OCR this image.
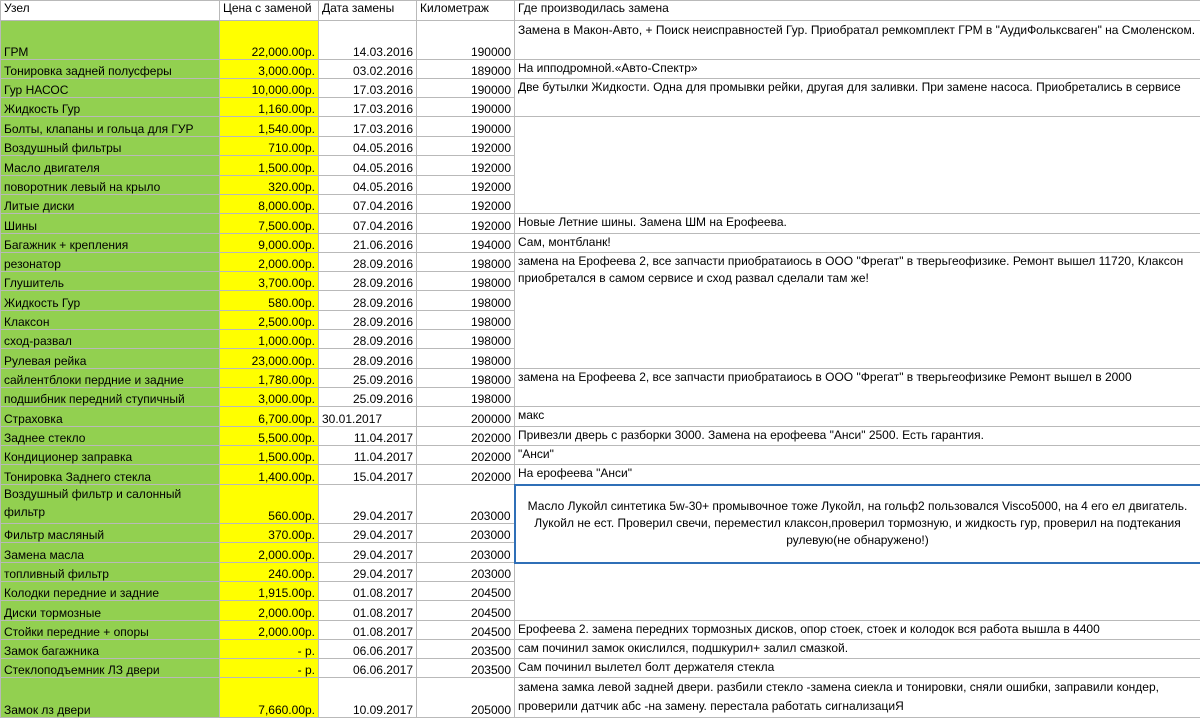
Узел	Цена с заменой	Дата замены	Километраж	Где производилась замена
ГРМ	22,000.00р.	14.03.2016	190000	Замена в Макон-Авто, + Поиск неисправностей Гур. Приобратал ремкомплект ГРМ в "АудиФольксваген" на Смоленском.
Тонировка задней полусферы	3,000.00р.	03.02.2016	189000	На ипподромной.«Авто-Спектр»
Гур НАСОС	10,000.00р.	17.03.2016	190000	Две бутылки Жидкости. Одна для промывки рейки, другая для заливки. При замене насоса. Приобретались в сервисе
Жидкость Гур	1,160.00р.	17.03.2016	190000	
Болты, клапаны и гольца для ГУР	1,540.00р.	17.03.2016	190000	
Воздушный фильтры	710.00р.	04.05.2016	192000	
Масло двигателя	1,500.00р.	04.05.2016	192000	
поворотник левый на крыло	320.00р.	04.05.2016	192000	
Литые диски	8,000.00р.	07.04.2016	192000	
Шины	7,500.00р.	07.04.2016	192000	Новые Летние шины. Замена ШМ на Ерофеева.
Багажник + крепления	9,000.00р.	21.06.2016	194000	Сам, монтбланк!
резонатор	2,000.00р.	28.09.2016	198000	замена на Ерофеева 2, все запчасти приобратаиось в ООО "Фрегат" в тверьгеофизике. Ремонт вышел 11720, Клаксон приобретался в самом сервисе и сход развал сделали там же!
Глушитель	3,700.00р.	28.09.2016	198000	
Жидкость Гур	580.00р.	28.09.2016	198000	
Клаксон	2,500.00р.	28.09.2016	198000	
сход-развал	1,000.00р.	28.09.2016	198000	
Рулевая рейка	23,000.00р.	28.09.2016	198000	
сайлентблоки пердние и задние	1,780.00р.	25.09.2016	198000	замена на Ерофеева 2, все запчасти приобратаиось в ООО "Фрегат" в тверьгеофизике Ремонт вышел в 2000
подшибник передний ступичный	3,000.00р.	25.09.2016	198000	
Страховка	6,700.00р.	30.01.2017	200000	макс
Заднее стекло	5,500.00р.	11.04.2017	202000	Привезли дверь с разборки 3000. Замена на ерофеева "Анси" 2500. Есть гарантия.
Кондиционер заправка	1,500.00р.	11.04.2017	202000	"Анси"
Тонировка Заднего стекла	1,400.00р.	15.04.2017	202000	На ерофеева "Анси"

Воздушный фильтр и салонный
фильтр	560.00р.	29.04.2017	203000	Масло Лукойл синтетика 5w-30+ промывочное тоже Лукойл, на гольф2 пользовался Visco5000, на 4 его ел двигатель. Лукойл не ест. Проверил свечи, переместил клаксон,проверил тормозную, и жидкость гур, проверил на подтекания рулевую(не обнаружено!)
Фильтр масляный	370.00р.	29.04.2017	203000	
Замена масла	2,000.00р.	29.04.2017	203000	
топливный фильтр	240.00р.	29.04.2017	203000	
Колодки передние и задние	1,915.00р.	01.08.2017	204500	
Диски тормозные	2,000.00р.	01.08.2017	204500	
Стойки передние + опоры	2,000.00р.	01.08.2017	204500	Ерофеева 2. замена передних тормозных дисков, опор стоек, стоек и колодок вся работа вышла в 4400
Замок багажника	- р.	06.06.2017	203500	сам починил замок окислился, подшкурил+ залил смазкой.
Стеклоподъемник ЛЗ двери	- р.	06.06.2017	203500	Сам починил вылетел болт держателя стекла
Замок лз двери	7,660.00р.	10.09.2017	205000	замена замка левой задней двери. разбили стекло -замена сиекла и тонировки, сняли ошибки, заправили кондер, проверили датчик абс -на замену. перестала работать сигнализациЯ
